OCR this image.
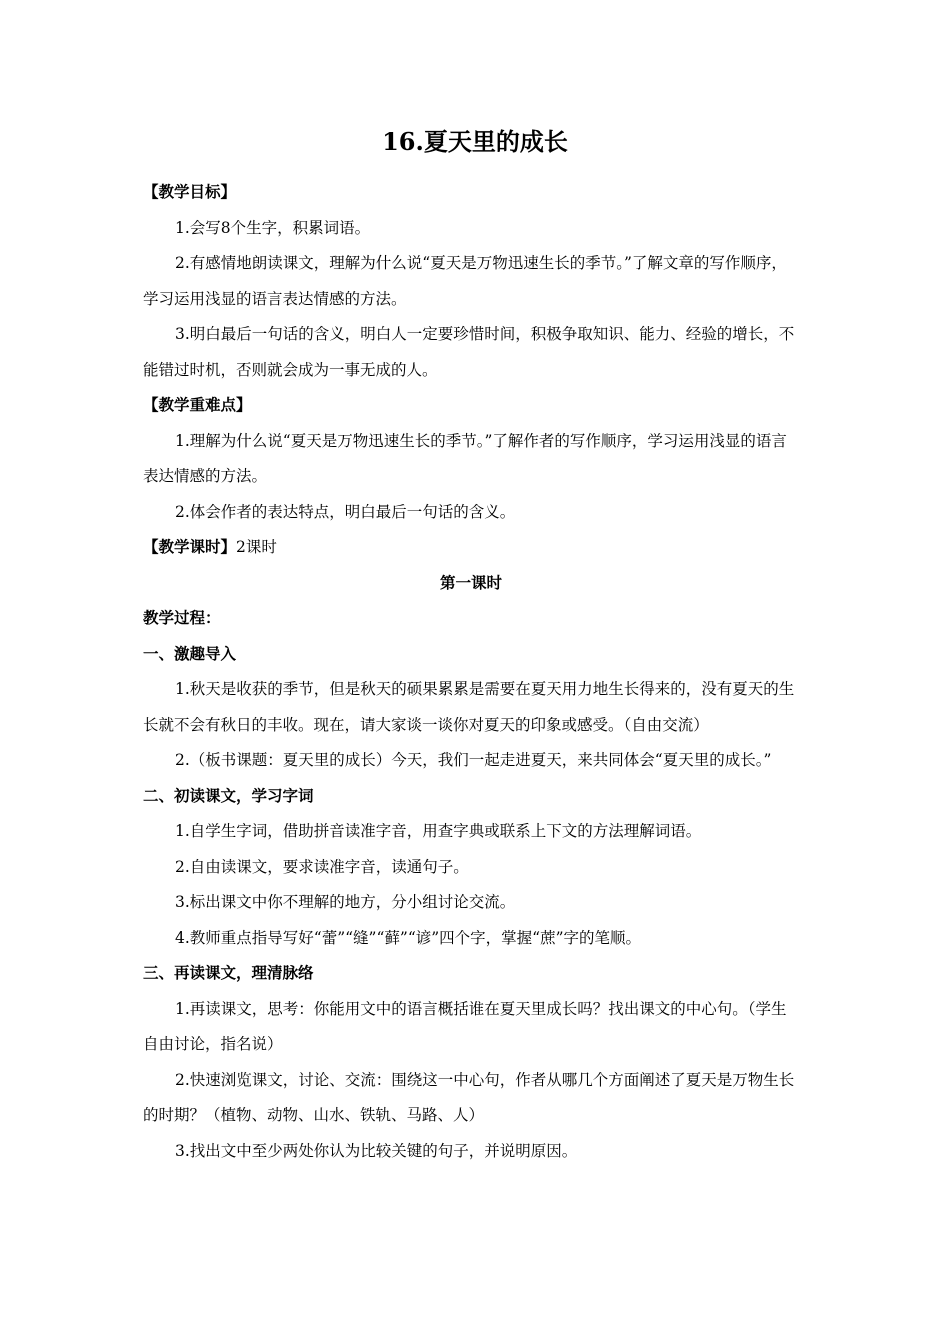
16.夏天里的成长
【教学目标】
1.会写8个生字，积累词语。
2.有感情地朗读课文，理解为什么说“夏天是万物迅速生长的季节。”了解文章的写作顺序，学习运用浅显的语言表达情感的方法。
3.明白最后一句话的含义，明白人一定要珍惜时间，积极争取知识、能力、经验的增长，不能错过时机，否则就会成为一事无成的人。
【教学重难点】
1.理解为什么说“夏天是万物迅速生长的季节。”了解作者的写作顺序，学习运用浅显的语言表达情感的方法。
2.体会作者的表达特点，明白最后一句话的含义。
【教学课时】2课时
第一课时
教学过程：
一、激趣导入
1.秋天是收获的季节，但是秋天的硕果累累是需要在夏天用力地生长得来的，没有夏天的生长就不会有秋日的丰收。现在，请大家谈一谈你对夏天的印象或感受。（自由交流）
2.（板书课题：夏天里的成长）今天，我们一起走进夏天，来共同体会“夏天里的成长。”
二、初读课文，学习字词
1.自学生字词，借助拼音读准字音，用查字典或联系上下文的方法理解词语。
2.自由读课文，要求读准字音，读通句子。
3.标出课文中你不理解的地方，分小组讨论交流。
4.教师重点指导写好“蕾”“缝”“藓”“谚”四个字，掌握“蔗”字的笔顺。
三、再读课文，理清脉络
1.再读课文，思考：你能用文中的语言概括谁在夏天里成长吗？找出课文的中心句。（学生自由讨论，指名说）
2.快速浏览课文，讨论、交流：围绕这一中心句，作者从哪几个方面阐述了夏天是万物生长的时期？（植物、动物、山水、铁轨、马路、人）
3.找出文中至少两处你认为比较关键的句子，并说明原因。
